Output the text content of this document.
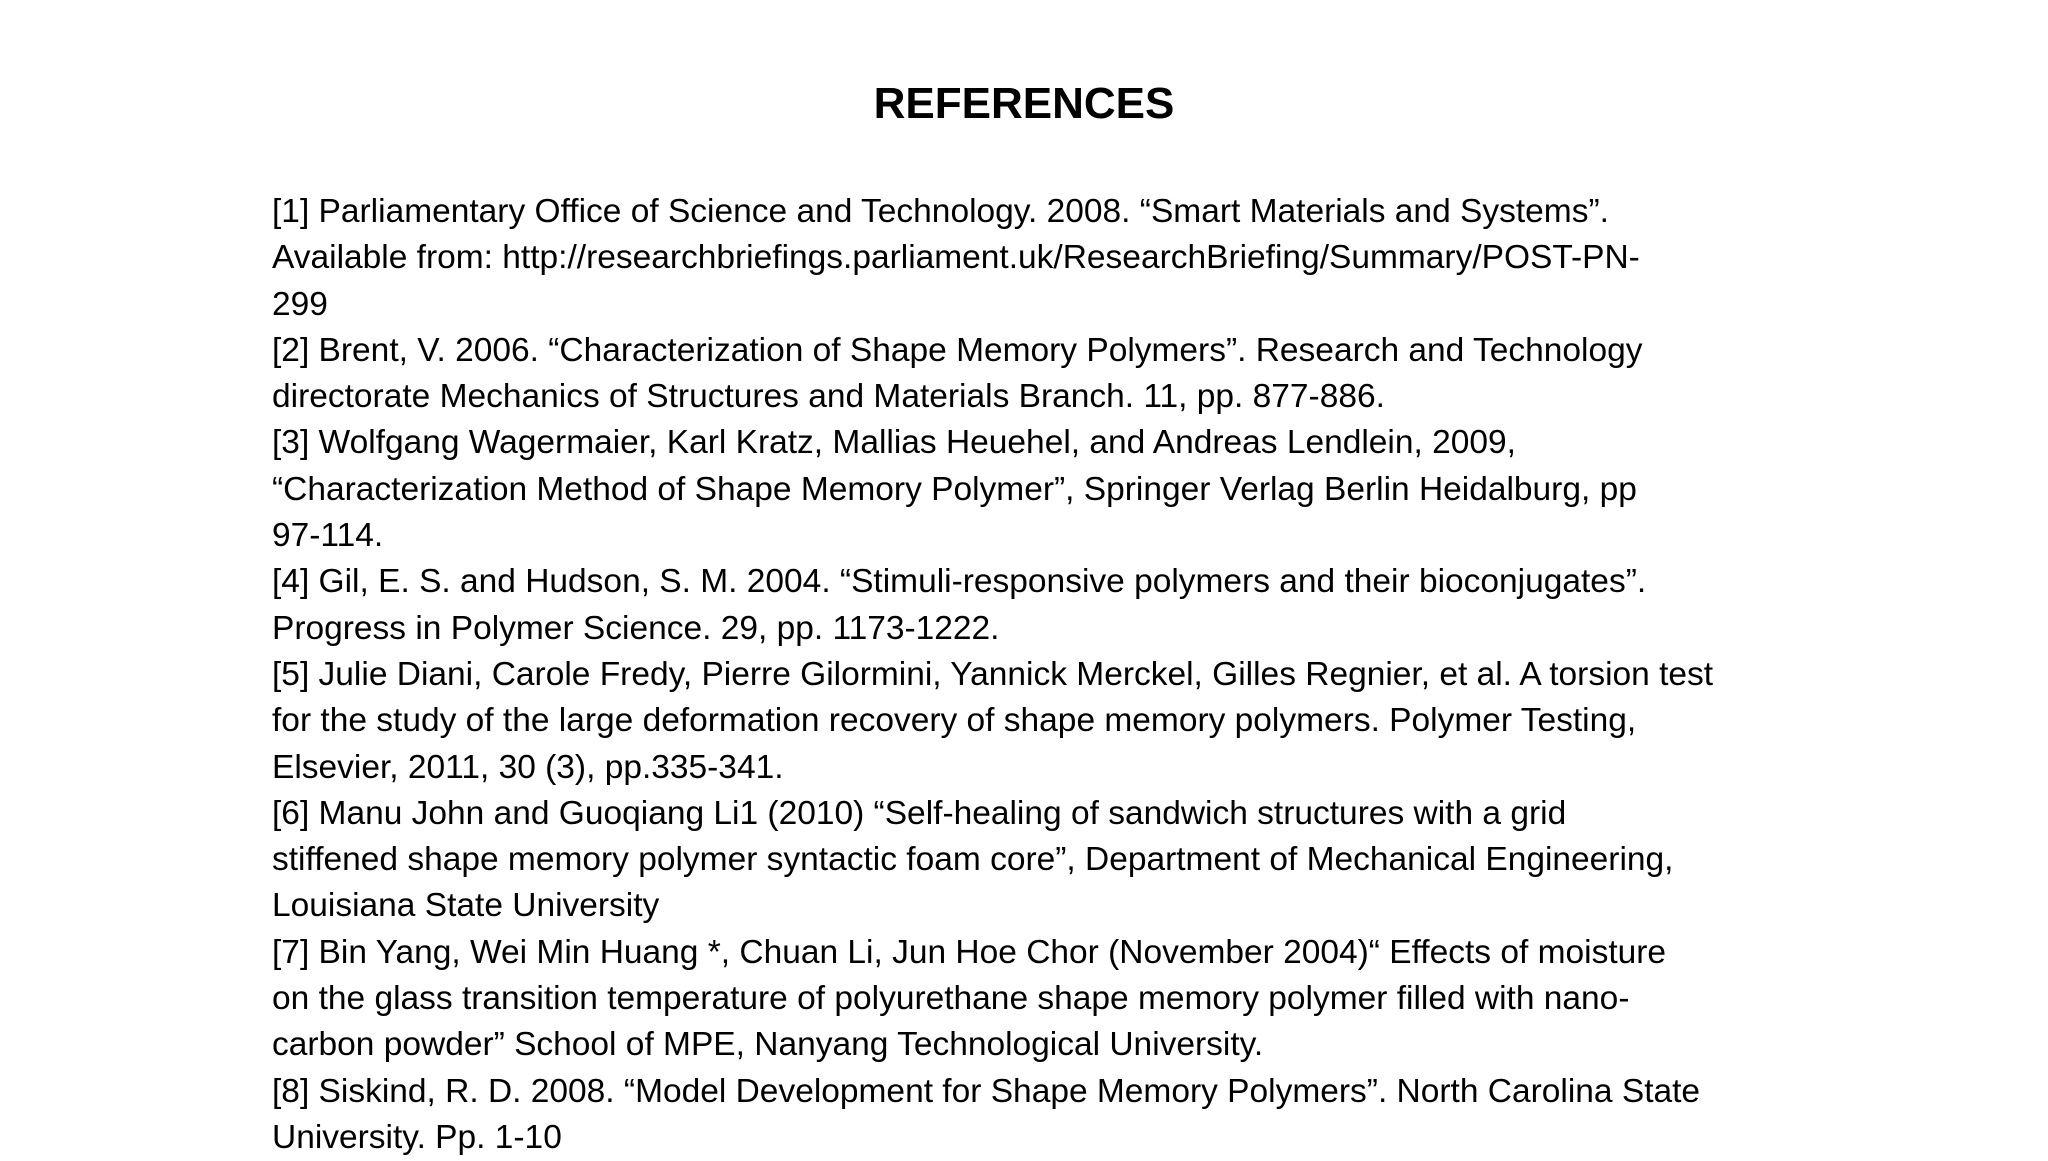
REFERENCES
[1] Parliamentary Office of Science and Technology. 2008. “Smart Materials and Systems”.
Available from: http://researchbriefings.parliament.uk/ResearchBriefing/Summary/POST-PN-
299
[2] Brent, V. 2006. “Characterization of Shape Memory Polymers”. Research and Technology
directorate Mechanics of Structures and Materials Branch. 11, pp. 877-886.
[3] Wolfgang Wagermaier, Karl Kratz, Mallias Heuehel, and Andreas Lendlein, 2009,
“Characterization Method of Shape Memory Polymer”, Springer Verlag Berlin Heidalburg, pp
97-114.
[4] Gil, E. S. and Hudson, S. M. 2004. “Stimuli-responsive polymers and their bioconjugates”.
Progress in Polymer Science. 29, pp. 1173-1222.
[5] Julie Diani, Carole Fredy, Pierre Gilormini, Yannick Merckel, Gilles Regnier, et al. A torsion test
for the study of the large deformation recovery of shape memory polymers. Polymer Testing,
Elsevier, 2011, 30 (3), pp.335-341.
[6] Manu John and Guoqiang Li1 (2010) “Self-healing of sandwich structures with a grid
stiffened shape memory polymer syntactic foam core”, Department of Mechanical Engineering,
Louisiana State University
[7] Bin Yang, Wei Min Huang *, Chuan Li, Jun Hoe Chor (November 2004)“ Effects of moisture
on the glass transition temperature of polyurethane shape memory polymer filled with nano-
carbon powder” School of MPE, Nanyang Technological University.
[8] Siskind, R. D. 2008. “Model Development for Shape Memory Polymers”. North Carolina State
University. Pp. 1-10
